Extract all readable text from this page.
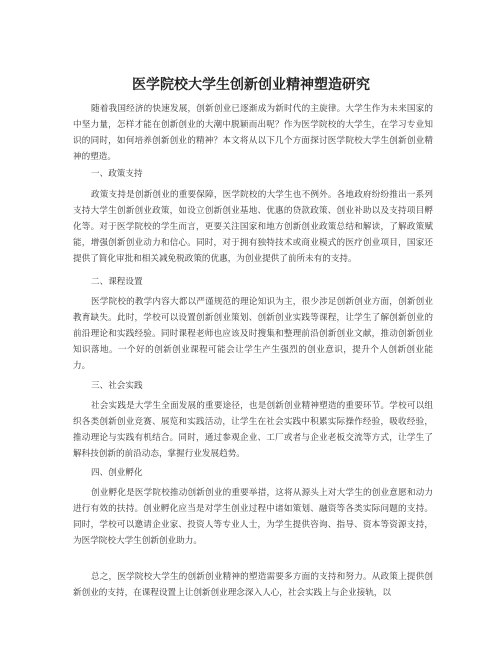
医学院校大学生创新创业精神塑造研究

随着我国经济的快速发展，创新创业已逐渐成为新时代的主旋律。大学生作为未来国家的中坚力量，怎样才能在创新创业的大潮中脱颖而出呢？作为医学院校的大学生，在学习专业知识的同时，如何培养创新创业的精神？本文将从以下几个方面探讨医学院校大学生创新创业精神的塑造。

一、政策支持

政策支持是创新创业的重要保障，医学院校的大学生也不例外。各地政府纷纷推出一系列支持大学生创新创业政策，如设立创新创业基地、优惠的贷款政策、创业补助以及支持项目孵化等。对于医学院校的学生而言，更要关注国家和地方创新创业政策总结和解读，了解政策赋能，增强创新创业动力和信心。同时，对于拥有独特技术或商业模式的医疗创业项目，国家还提供了简化审批和相关减免税政策的优惠，为创业提供了前所未有的支持。

二、课程设置

医学院校的教学内容大都以严谨规范的理论知识为主，很少涉足创新创业方面，创新创业教育缺失。此时，学校可以设置创新创业策划、创新创业实践等课程，让学生了解创新创业的前沿理论和实践经验。同时课程老师也应该及时搜集和整理前沿创新创业文献，推动创新创业知识落地。一个好的创新创业课程可能会让学生产生强烈的创业意识，提升个人创新创业能力。

三、社会实践

社会实践是大学生全面发展的重要途径，也是创新创业精神塑造的重要环节。学校可以组织各类创新创业竞赛、展览和实践活动，让学生在社会实践中积累实际操作经验，吸收经验，推动理论与实践有机结合。同时，通过参观企业、工厂或者与企业老板交流等方式，让学生了解科技创新的前沿动态，掌握行业发展趋势。

四、创业孵化

创业孵化是医学院校推动创新创业的重要举措，这将从源头上对大学生的创业意愿和动力进行有效的扶持。创业孵化应当是对学生创业过程中诸如策划、融资等各类实际问题的支持。同时，学校可以邀请企业家、投资人等专业人士，为学生提供咨询、指导、资本等资源支持，为医学院校大学生创新创业助力。

总之，医学院校大学生的创新创业精神的塑造需要多方面的支持和努力。从政策上提供创新创业的支持，在课程设置上让创新创业理念深入人心，社会实践上与企业接轨，以
